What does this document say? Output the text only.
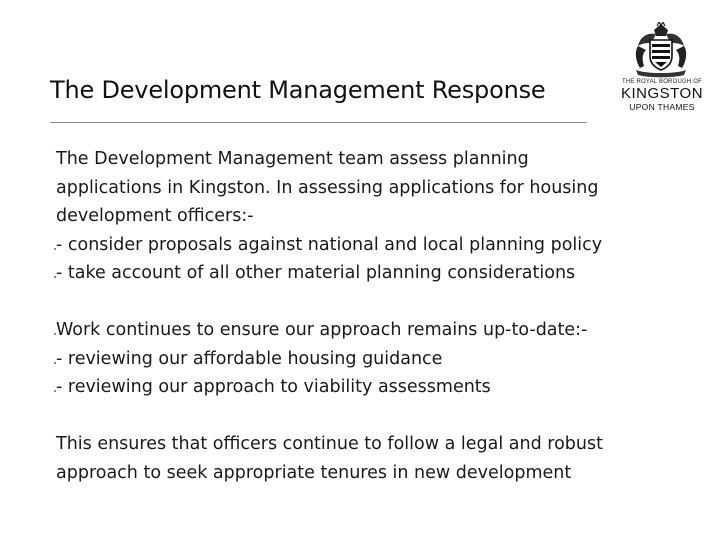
The Development Management Response	THE ROYAL BOROUGH OF
KINGSTON
UPON THAMES
The Development Management team assess planning
applications in Kingston. In assessing applications for housing
development officers:-
- consider proposals against national and local planning policy
- take account of all other material planning considerations
Work continues to ensure our approach remains up-to-date:-
- reviewing our affordable housing guidance
- reviewing our approach to viability assessments
This ensures that officers continue to follow a legal and robust
approach to seek appropriate tenures in new development
